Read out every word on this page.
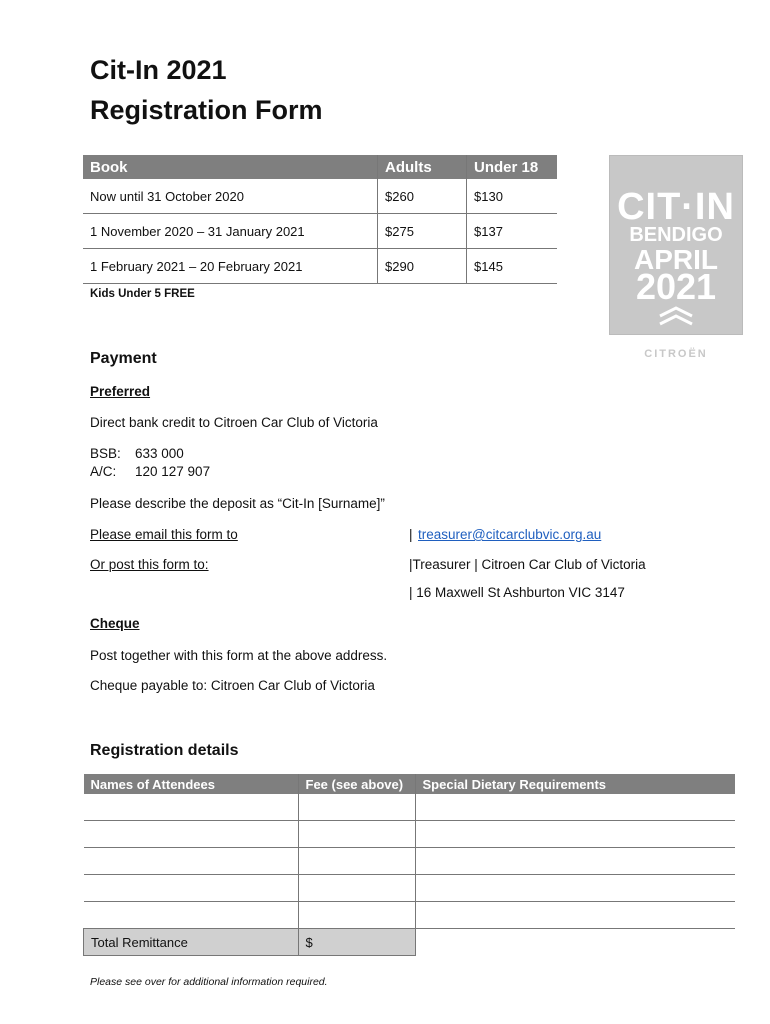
Cit-In 2021
Registration Form
Book	Adults	Under 18
Now until 31 October 2020	$260	$130
1 November 2020 – 31 January 2021	$275	$137
1 February 2021 – 20 February 2021	$290	$145
Kids Under 5 FREE
CIT·IN
BENDIGO
APRIL
2021
CITROËN
Payment
Preferred
Direct bank credit to Citroen Car Club of Victoria
BSB: 633 000
A/C: 120 127 907
Please describe the deposit as “Cit-In [Surname]”
Please email this form to	| treasurer@citcarclubvic.org.au
Or post this form to:	|Treasurer | Citroen Car Club of Victoria
| 16 Maxwell St Ashburton VIC 3147
Cheque
Post together with this form at the above address.
Cheque payable to: Citroen Car Club of Victoria
Registration details
Names of Attendees	Fee (see above)	Special Dietary Requirements

Total Remittance	$	
Please see over for additional information required.
